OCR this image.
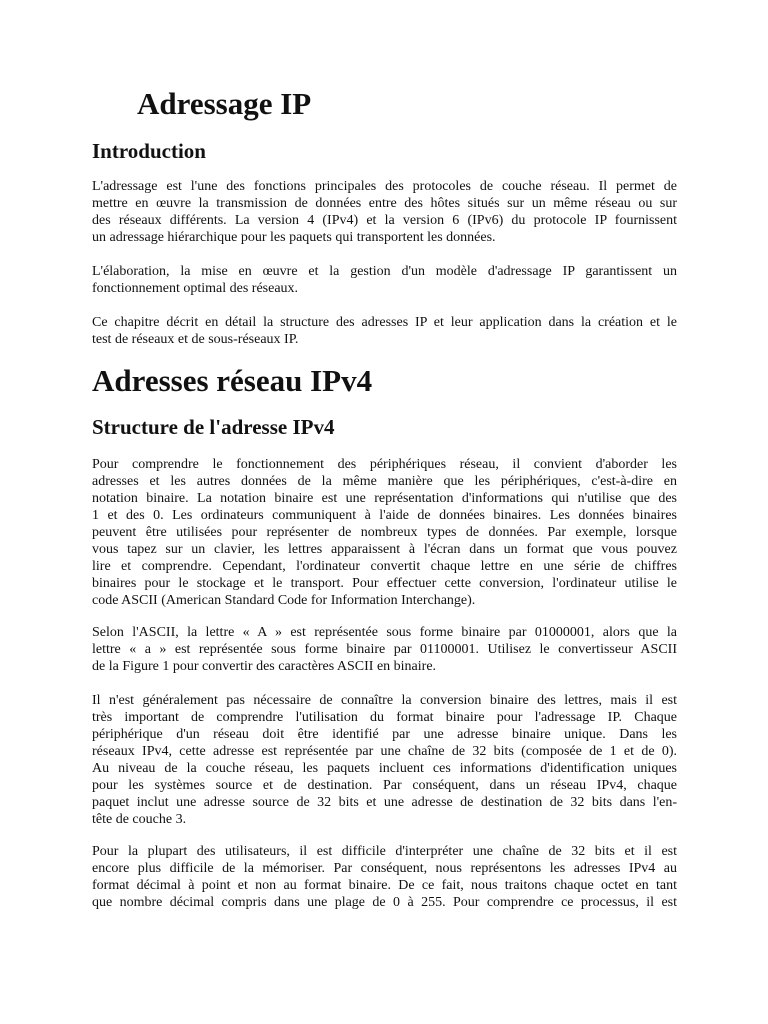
Adressage IP
Introduction

L'adressage est l'une des fonctions principales des protocoles de couche réseau. Il permet de
mettre en œuvre la transmission de données entre des hôtes situés sur un même réseau ou sur
des réseaux différents. La version 4 (IPv4) et la version 6 (IPv6) du protocole IP fournissent
un adressage hiérarchique pour les paquets qui transportent les données.

L'élaboration, la mise en œuvre et la gestion d'un modèle d'adressage IP garantissent un
fonctionnement optimal des réseaux.

Ce chapitre décrit en détail la structure des adresses IP et leur application dans la création et le
test de réseaux et de sous-réseaux IP.

Adresses réseau IPv4
Structure de l'adresse IPv4

Pour comprendre le fonctionnement des périphériques réseau, il convient d'aborder les
adresses et les autres données de la même manière que les périphériques, c'est-à-dire en
notation binaire. La notation binaire est une représentation d'informations qui n'utilise que des
1 et des 0. Les ordinateurs communiquent à l'aide de données binaires. Les données binaires
peuvent être utilisées pour représenter de nombreux types de données. Par exemple, lorsque
vous tapez sur un clavier, les lettres apparaissent à l'écran dans un format que vous pouvez
lire et comprendre. Cependant, l'ordinateur convertit chaque lettre en une série de chiffres
binaires pour le stockage et le transport. Pour effectuer cette conversion, l'ordinateur utilise le
code ASCII (American Standard Code for Information Interchange).

Selon l'ASCII, la lettre « A » est représentée sous forme binaire par 01000001, alors que la
lettre « a » est représentée sous forme binaire par 01100001. Utilisez le convertisseur ASCII
de la Figure 1 pour convertir des caractères ASCII en binaire.

Il n'est généralement pas nécessaire de connaître la conversion binaire des lettres, mais il est
très important de comprendre l'utilisation du format binaire pour l'adressage IP. Chaque
périphérique d'un réseau doit être identifié par une adresse binaire unique. Dans les
réseaux IPv4, cette adresse est représentée par une chaîne de 32 bits (composée de 1 et de 0).
Au niveau de la couche réseau, les paquets incluent ces informations d'identification uniques
pour les systèmes source et de destination. Par conséquent, dans un réseau IPv4, chaque
paquet inclut une adresse source de 32 bits et une adresse de destination de 32 bits dans l'en-
tête de couche 3.

Pour la plupart des utilisateurs, il est difficile d'interpréter une chaîne de 32 bits et il est
encore plus difficile de la mémoriser. Par conséquent, nous représentons les adresses IPv4 au
format décimal à point et non au format binaire. De ce fait, nous traitons chaque octet en tant
que nombre décimal compris dans une plage de 0 à 255. Pour comprendre ce processus, il est
